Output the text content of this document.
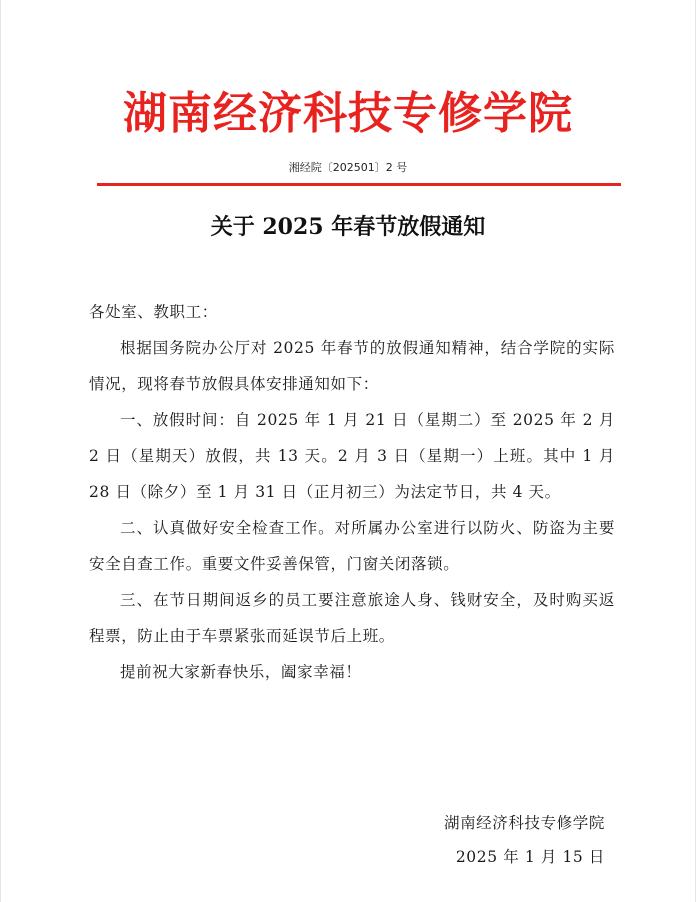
湖南经济科技专修学院
湘经院〔202501〕2 号
关于 2025 年春节放假通知

各处室、教职工：

根据国务院办公厅对 2025 年春节的放假通知精神，结合学院的实际情况，现将春节放假具体安排通知如下：

一、放假时间：自 2025 年 1 月 21 日（星期二）至 2025 年 2 月 2 日（星期天）放假，共 13 天。2 月 3 日（星期一）上班。其中 1 月 28 日（除夕）至 1 月 31 日（正月初三）为法定节日，共 4 天。

二、认真做好安全检查工作。对所属办公室进行以防火、防盗为主要安全自查工作。重要文件妥善保管，门窗关闭落锁。

三、在节日期间返乡的员工要注意旅途人身、钱财安全，及时购买返程票，防止由于车票紧张而延误节后上班。

提前祝大家新春快乐，阖家幸福！

湖南经济科技专修学院
2025 年 1 月 15 日
